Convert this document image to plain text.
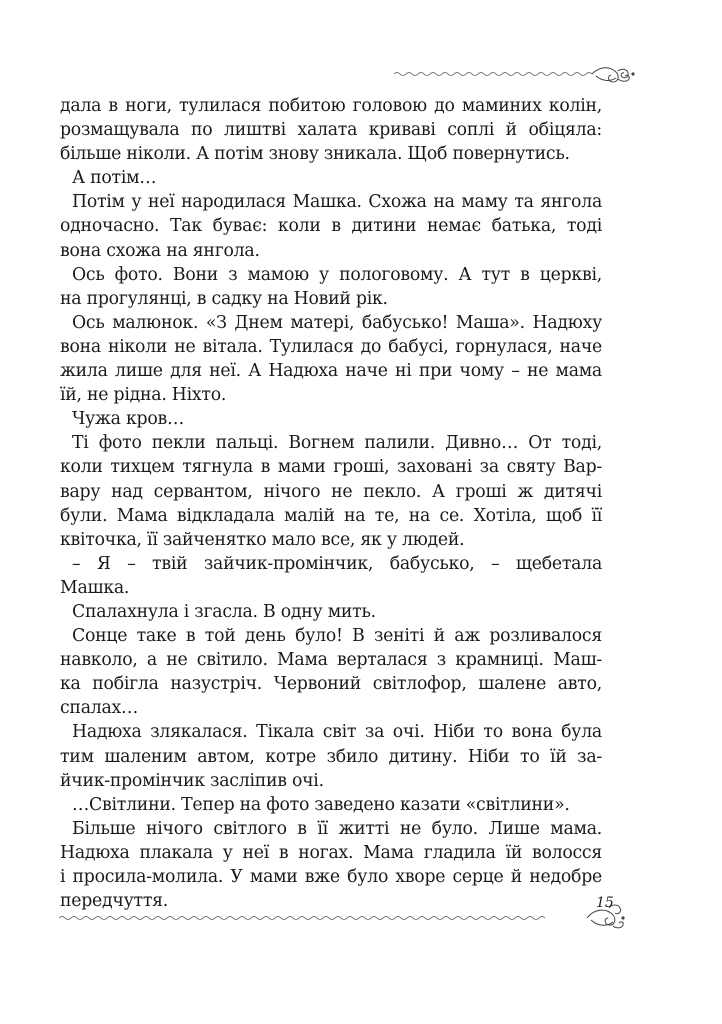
дала в ноги, тулилася побитою головою до маминих колін,
розмащувала по лиштві халата криваві соплі й обіцяла:
більше ніколи. А потім знову зникала. Щоб повернутись.
А потім…
Потім у неї народилася Машка. Схожа на маму та янгола
одночасно. Так буває: коли в дитини немає батька, тоді
вона схожа на янгола.
Ось фото. Вони з мамою у пологовому. А тут в церкві,
на прогулянці, в садку на Новий рік.
Ось малюнок. «З Днем матері, бабусько! Маша». Надюху
вона ніколи не вітала. Тулилася до бабусі, горнулася, наче
жила лише для неї. А Надюха наче ні при чому – не мама
їй, не рідна. Ніхто.
Чужа кров…
Ті фото пекли пальці. Вогнем палили. Дивно… От тоді,
коли тихцем тягнула в мами гроші, заховані за святу Вар-
вару над сервантом, нічого не пекло. А гроші ж дитячі
були. Мама відкладала малій на те, на се. Хотіла, щоб її
квіточка, її зайченятко мало все, як у людей.
– Я – твій зайчик-промінчик, бабусько, – щебетала
Машка.
Спалахнула і згасла. В одну мить.
Сонце таке в той день було! В зеніті й аж розливалося
навколо, а не світило. Мама верталася з крамниці. Маш-
ка побігла назустріч. Червоний світлофор, шалене авто,
спалах…
Надюха злякалася. Тікала світ за очі. Ніби то вона була
тим шаленим автом, котре збило дитину. Ніби то їй за-
йчик-промінчик засліпив очі.
…Світлини. Тепер на фото заведено казати «світлини».
Більше нічого світлого в її житті не було. Лише мама.
Надюха плакала у неї в ногах. Мама гладила їй волосся
і просила-молила. У мами вже було хворе серце й недобре
передчуття.	15
